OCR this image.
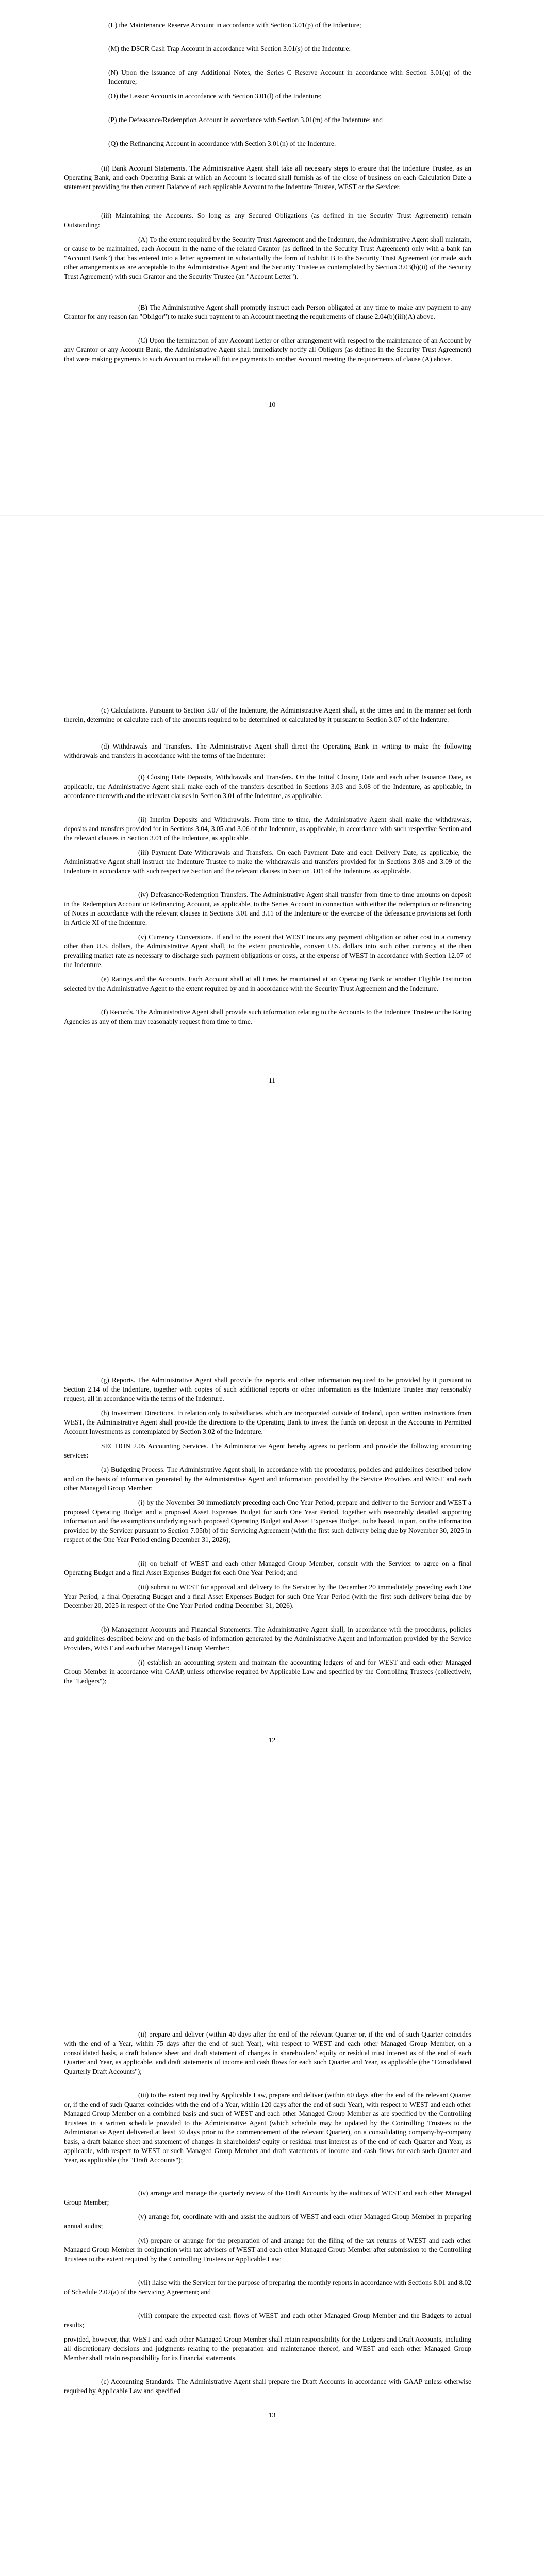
(L) the Maintenance Reserve Account in accordance with Section 3.01(p) of the Indenture;

(M) the DSCR Cash Trap Account in accordance with Section 3.01(s) of the Indenture;

(N) Upon the issuance of any Additional Notes, the Series C Reserve Account in accordance with Section 3.01(q) of the Indenture;

(O) the Lessor Accounts in accordance with Section 3.01(l) of the Indenture;

(P) the Defeasance/Redemption Account in accordance with Section 3.01(m) of the Indenture; and

(Q) the Refinancing Account in accordance with Section 3.01(n) of the Indenture.

(ii) Bank Account Statements. The Administrative Agent shall take all necessary steps to ensure that the Indenture Trustee, as an Operating Bank, and each Operating Bank at which an Account is located shall furnish as of the close of business on each Calculation Date a statement providing the then current Balance of each applicable Account to the Indenture Trustee, WEST or the Servicer.

(iii) Maintaining the Accounts. So long as any Secured Obligations (as defined in the Security Trust Agreement) remain Outstanding:

(A) To the extent required by the Security Trust Agreement and the Indenture, the Administrative Agent shall maintain, or cause to be maintained, each Account in the name of the related Grantor (as defined in the Security Trust Agreement) only with a bank (an "Account Bank") that has entered into a letter agreement in substantially the form of Exhibit B to the Security Trust Agreement (or made such other arrangements as are acceptable to the Administrative Agent and the Security Trustee as contemplated by Section 3.03(b)(ii) of the Security Trust Agreement) with such Grantor and the Security Trustee (an "Account Letter").

(B) The Administrative Agent shall promptly instruct each Person obligated at any time to make any payment to any Grantor for any reason (an "Obligor") to make such payment to an Account meeting the requirements of clause 2.04(b)(iii)(A) above.

(C) Upon the termination of any Account Letter or other arrangement with respect to the maintenance of an Account by any Grantor or any Account Bank, the Administrative Agent shall immediately notify all Obligors (as defined in the Security Trust Agreement) that were making payments to such Account to make all future payments to another Account meeting the requirements of clause (A) above.

10

(c) Calculations. Pursuant to Section 3.07 of the Indenture, the Administrative Agent shall, at the times and in the manner set forth therein, determine or calculate each of the amounts required to be determined or calculated by it pursuant to Section 3.07 of the Indenture.

(d) Withdrawals and Transfers. The Administrative Agent shall direct the Operating Bank in writing to make the following withdrawals and transfers in accordance with the terms of the Indenture:

(i) Closing Date Deposits, Withdrawals and Transfers. On the Initial Closing Date and each other Issuance Date, as applicable, the Administrative Agent shall make each of the transfers described in Sections 3.03 and 3.08 of the Indenture, as applicable, in accordance therewith and the relevant clauses in Section 3.01 of the Indenture, as applicable.

(ii) Interim Deposits and Withdrawals. From time to time, the Administrative Agent shall make the withdrawals, deposits and transfers provided for in Sections 3.04, 3.05 and 3.06 of the Indenture, as applicable, in accordance with such respective Section and the relevant clauses in Section 3.01 of the Indenture, as applicable.

(iii) Payment Date Withdrawals and Transfers. On each Payment Date and each Delivery Date, as applicable, the Administrative Agent shall instruct the Indenture Trustee to make the withdrawals and transfers provided for in Sections 3.08 and 3.09 of the Indenture in accordance with such respective Section and the relevant clauses in Section 3.01 of the Indenture, as applicable.

(iv) Defeasance/Redemption Transfers. The Administrative Agent shall transfer from time to time amounts on deposit in the Redemption Account or Refinancing Account, as applicable, to the Series Account in connection with either the redemption or refinancing of Notes in accordance with the relevant clauses in Sections 3.01 and 3.11 of the Indenture or the exercise of the defeasance provisions set forth in Article XI of the Indenture.

(v) Currency Conversions. If and to the extent that WEST incurs any payment obligation or other cost in a currency other than U.S. dollars, the Administrative Agent shall, to the extent practicable, convert U.S. dollars into such other currency at the then prevailing market rate as necessary to discharge such payment obligations or costs, at the expense of WEST in accordance with Section 12.07 of the Indenture.

(e) Ratings and the Accounts. Each Account shall at all times be maintained at an Operating Bank or another Eligible Institution selected by the Administrative Agent to the extent required by and in accordance with the Security Trust Agreement and the Indenture.

(f) Records. The Administrative Agent shall provide such information relating to the Accounts to the Indenture Trustee or the Rating Agencies as any of them may reasonably request from time to time.

11

(g) Reports. The Administrative Agent shall provide the reports and other information required to be provided by it pursuant to Section 2.14 of the Indenture, together with copies of such additional reports or other information as the Indenture Trustee may reasonably request, all in accordance with the terms of the Indenture.

(h) Investment Directions. In relation only to subsidiaries which are incorporated outside of Ireland, upon written instructions from WEST, the Administrative Agent shall provide the directions to the Operating Bank to invest the funds on deposit in the Accounts in Permitted Account Investments as contemplated by Section 3.02 of the Indenture.

SECTION 2.05 Accounting Services. The Administrative Agent hereby agrees to perform and provide the following accounting services:

(a) Budgeting Process. The Administrative Agent shall, in accordance with the procedures, policies and guidelines described below and on the basis of information generated by the Administrative Agent and information provided by the Service Providers and WEST and each other Managed Group Member:

(i) by the November 30 immediately preceding each One Year Period, prepare and deliver to the Servicer and WEST a proposed Operating Budget and a proposed Asset Expenses Budget for such One Year Period, together with reasonably detailed supporting information and the assumptions underlying such proposed Operating Budget and Asset Expenses Budget, to be based, in part, on the information provided by the Servicer pursuant to Section 7.05(b) of the Servicing Agreement (with the first such delivery being due by November 30, 2025 in respect of the One Year Period ending December 31, 2026);

(ii) on behalf of WEST and each other Managed Group Member, consult with the Servicer to agree on a final Operating Budget and a final Asset Expenses Budget for each One Year Period; and

(iii) submit to WEST for approval and delivery to the Servicer by the December 20 immediately preceding each One Year Period, a final Operating Budget and a final Asset Expenses Budget for such One Year Period (with the first such delivery being due by December 20, 2025 in respect of the One Year Period ending December 31, 2026).

(b) Management Accounts and Financial Statements. The Administrative Agent shall, in accordance with the procedures, policies and guidelines described below and on the basis of information generated by the Administrative Agent and information provided by the Service Providers, WEST and each other Managed Group Member:

(i) establish an accounting system and maintain the accounting ledgers of and for WEST and each other Managed Group Member in accordance with GAAP, unless otherwise required by Applicable Law and specified by the Controlling Trustees (collectively, the "Ledgers");

12

(ii) prepare and deliver (within 40 days after the end of the relevant Quarter or, if the end of such Quarter coincides with the end of a Year, within 75 days after the end of such Year), with respect to WEST and each other Managed Group Member, on a consolidated basis, a draft balance sheet and draft statement of changes in shareholders' equity or residual trust interest as of the end of each Quarter and Year, as applicable, and draft statements of income and cash flows for each such Quarter and Year, as applicable (the "Consolidated Quarterly Draft Accounts");

(iii) to the extent required by Applicable Law, prepare and deliver (within 60 days after the end of the relevant Quarter or, if the end of such Quarter coincides with the end of a Year, within 120 days after the end of such Year), with respect to WEST and each other Managed Group Member on a combined basis and such of WEST and each other Managed Group Member as are specified by the Controlling Trustees in a written schedule provided to the Administrative Agent (which schedule may be updated by the Controlling Trustees to the Administrative Agent delivered at least 30 days prior to the commencement of the relevant Quarter), on a consolidating company-by-company basis, a draft balance sheet and statement of changes in shareholders' equity or residual trust interest as of the end of each Quarter and Year, as applicable, with respect to WEST or such Managed Group Member and draft statements of income and cash flows for each such Quarter and Year, as applicable (the "Draft Accounts");

(iv) arrange and manage the quarterly review of the Draft Accounts by the auditors of WEST and each other Managed Group Member;

(v) arrange for, coordinate with and assist the auditors of WEST and each other Managed Group Member in preparing annual audits;

(vi) prepare or arrange for the preparation of and arrange for the filing of the tax returns of WEST and each other Managed Group Member in conjunction with tax advisers of WEST and each other Managed Group Member after submission to the Controlling Trustees to the extent required by the Controlling Trustees or Applicable Law;

(vii) liaise with the Servicer for the purpose of preparing the monthly reports in accordance with Sections 8.01 and 8.02 of Schedule 2.02(a) of the Servicing Agreement; and

(viii) compare the expected cash flows of WEST and each other Managed Group Member and the Budgets to actual results;

provided, however, that WEST and each other Managed Group Member shall retain responsibility for the Ledgers and Draft Accounts, including all discretionary decisions and judgments relating to the preparation and maintenance thereof, and WEST and each other Managed Group Member shall retain responsibility for its financial statements.

(c) Accounting Standards. The Administrative Agent shall prepare the Draft Accounts in accordance with GAAP unless otherwise required by Applicable Law and specified

13
